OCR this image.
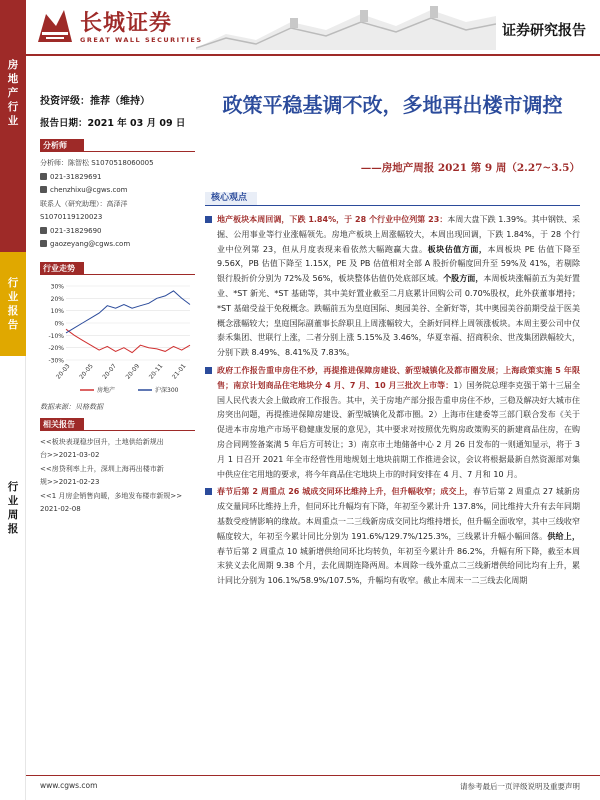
房
地
产
行
业
行
业
报
告
行
业
周
报
长城证券
GREAT WALL SECURITIES
证券研究报告
投资评级：推荐（维持）
报告日期：2021 年 03 月 09 日
分析师
分析师：陈智松 S1070518060005
021-31829691
chenzhixu@cgws.com
联系人（研究助理）：高泽洋
S1070119120023
021-31829690
gaozeyang@cgws.com
行业走势
30%
20%
10%
0%
-10%
-20%
-30%
20-03 20-05 20-07 20-09 20-11 21-01
房地产	沪深300
数据来源：贝格数据
相关报告
<<板块表现稳步回升，土地供给新规出
台>>2021-03-02
<<房贷利率上升，深圳上海再出楼市新
规>>2021-02-23
<<1 月房企销售向暖，多地发布楼市新规>>
2021-02-08
政策平稳基调不改，多地再出楼市调控
——房地产周报 2021 第 9 周（2.27~3.5）
核心观点
地产板块本周回调，下跌 1.84%，于 28 个行业中位列第 23：本周大盘下跌 1.39%。其中钢铁、采掘、公用事业等行业涨幅领先。房地产板块上周涨幅较大，本周出现回调，下跌 1.84%，于 28 个行业中位列第 23，但从月度表现来看依然大幅跑赢大盘。板块估值方面，本周板块 PE 估值下降至 9.56X，PB 估值下降至 1.15X，PE 及 PB 估值相对全部 A 股折价幅度回升至 59%及 41%，若剔除银行股折价分别为 72%及 56%，板块整体估值仍处底部区域。个股方面，本周板块涨幅前五为美好置业、*ST 新光、*ST 基础等，其中美好置业截至二月底累计回购公司 0.70%股权，此外获董事增持；*ST 基础受益于免税概念。跌幅前五为皇庭国际、奥园美谷、全新好等，其中奥园美谷前期受益于医美概念涨幅较大；皇庭国际副董事长辞职且上周涨幅较大，全新好同样上周领涨板块。本周主要公司中仅泰禾集团、世联行上涨，二者分别上涨 5.15%及 3.46%，华夏幸福、招商积余、世茂集团跌幅较大，分别下跌 8.49%、8.41%及 7.83%。
政府工作报告重申房住不炒，再提推进保障房建设、新型城镇化及都市圈发展；上海政策实施 5 年限售；南京计划商品住宅地块分 4 月、7 月、10 月三批次上市等：1）国务院总理李克强于第十三届全国人民代表大会上做政府工作报告。其中，关于房地产部分报告重申房住不炒，三稳及解决好大城市住房突出问题，再提推进保障房建设、新型城镇化及都市圈。2）上海市住建委等三部门联合发布《关于促进本市房地产市场平稳健康发展的意见》，其中要求对按照优先购房政策购买的新建商品住房，在购房合同网签备案满 5 年后方可转让；3）南京市土地储备中心 2 月 26 日发布的一则通知显示，将于 3 月 1 日召开 2021 年全市经营性用地规划土地块前期工作推进会议，会议将根据最新自然资源部对集中供应住宅用地的要求，将今年商品住宅地块上市的时间安排在 4 月、7 月和 10 月。
春节后第 2 周重点 26 城成交同环比维持上升，但升幅收窄；成交上，春节后第 2 周重点 27 城新房成交量同环比维持上升，但同环比升幅均有下降，年初至今累计升 137.8%，同比维持大升有去年同期基数受疫情影响的缘故。本周重点一二三线新房成交同比均维持增长，但升幅全面收窄，其中三线收窄幅度较大，年初至今累计同比分别为 191.6%/129.7%/125.3%，三线累计升幅小幅回落。供给上，春节后第 2 周重点 10 城新增供给同环比均转负，年初至今累计升 86.2%，升幅有所下降，截至本周末狭义去化周期 9.38 个月，去化周期连降两周。本周除一线外重点二三线新增供给同比均有上升，累计同比分别为 106.1%/58.9%/107.5%，升幅均有收窄。截止本周末一二三线去化周期
www.cgws.com	请参考最后一页评级说明及重要声明
